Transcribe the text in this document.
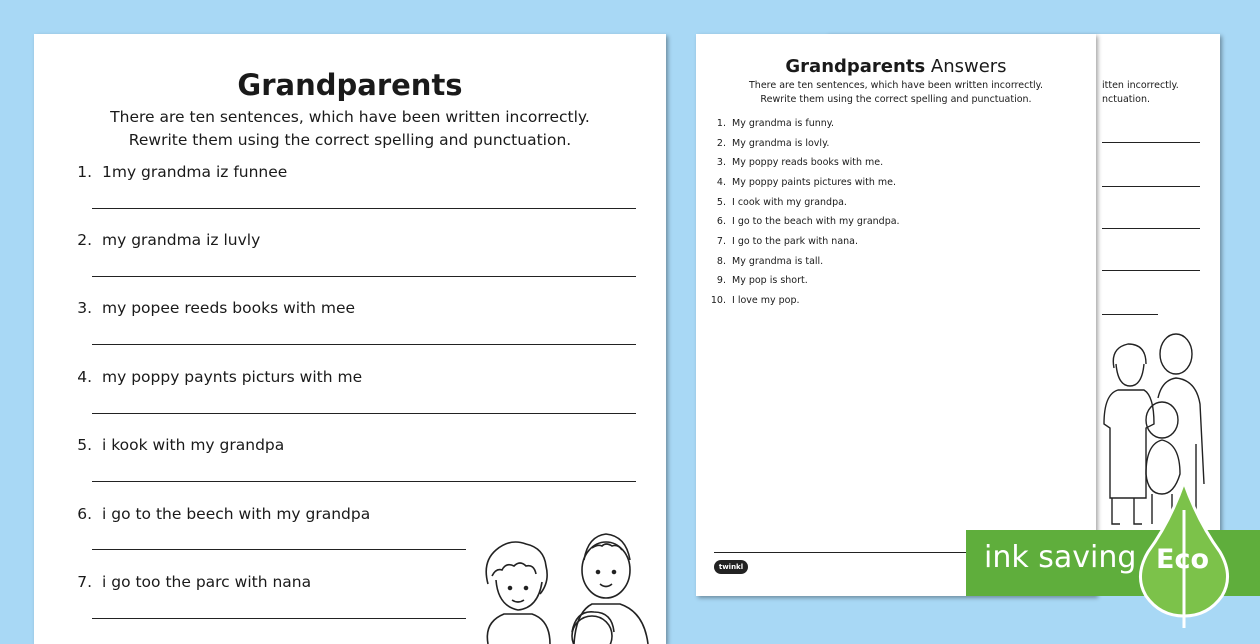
Grandparents
There are ten sentences, which have been written incorrectly.
Rewrite them using the correct spelling and punctuation.
1. 1my grandma iz funnee
2. my grandma iz luvly
3. my popee reeds books with mee
4. my poppy paynts picturs with me
5. i kook with my grandpa
6. i go to the beech with my grandpa
7. i go too the parc with nana
itten incorrectly.
nctuation.
Grandparents Answers
There are ten sentences, which have been written incorrectly.
Rewrite them using the correct spelling and punctuation.
1. My grandma is funny.
2. My grandma is lovly.
3. My poppy reads books with me.
4. My poppy paints pictures with me.
5. I cook with my grandpa.
6. I go to the beach with my grandpa.
7. I go to the park with nana.
8. My grandma is tall.
9. My pop is short.
10. I love my pop.
twinkl	ink saving Eco
